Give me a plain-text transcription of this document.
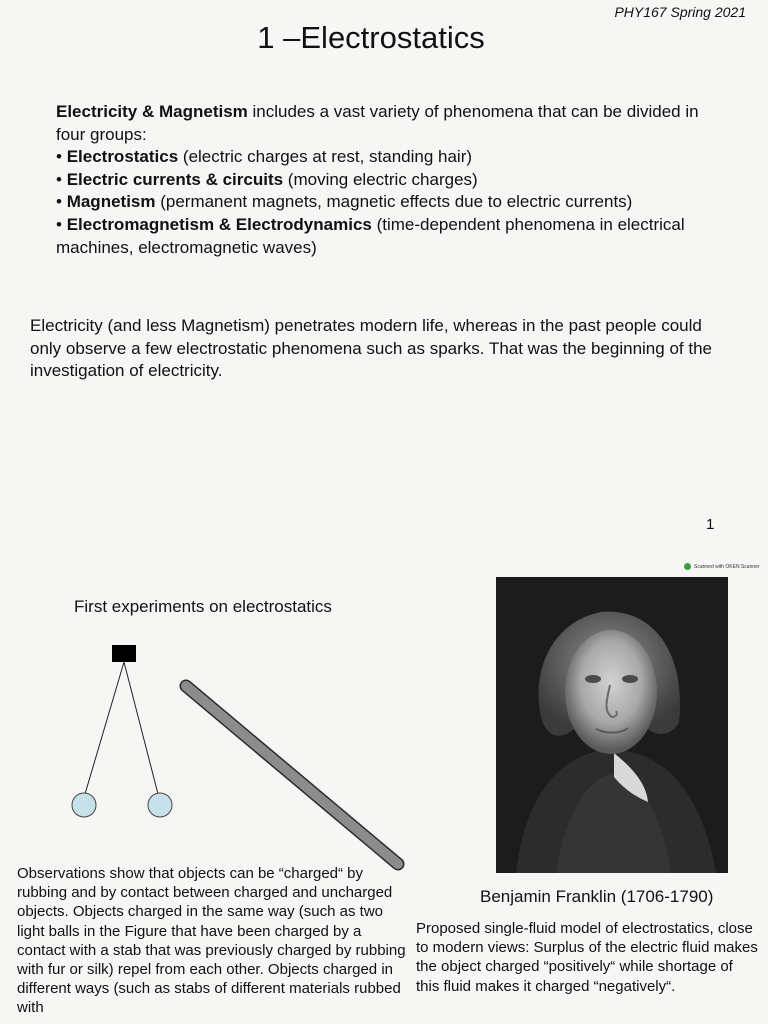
PHY167 Spring 2021
1 –Electrostatics

Electricity & Magnetism includes a vast variety of phenomena that can be divided in four groups:

• Electrostatics (electric charges at rest, standing hair)

• Electric currents & circuits (moving electric charges)

• Magnetism (permanent magnets, magnetic effects due to electric currents)

• Electromagnetism & Electrodynamics (time-dependent phenomena in electrical machines, electromagnetic waves)

Electricity (and less Magnetism) penetrates modern life, whereas in the past people could only observe a few electrostatic phenomena such as sparks. That was the beginning of the investigation of electricity.
1
Scanned with OKEN Scanner
First experiments on electrostatics
Benjamin Franklin (1706-1790)
Observations show that objects can be “charged“ by rubbing and by contact between charged and uncharged objects. Objects charged in the same way (such as two light balls in the Figure that have been charged by a contact with a stab that was previously charged by rubbing with fur or silk) repel from each other. Objects charged in different ways (such as stabs of different materials rubbed with
Proposed single-fluid model of electrostatics, close to modern views: Surplus of the electric fluid makes the object charged “positively“ while shortage of this fluid makes it charged “negatively“.
